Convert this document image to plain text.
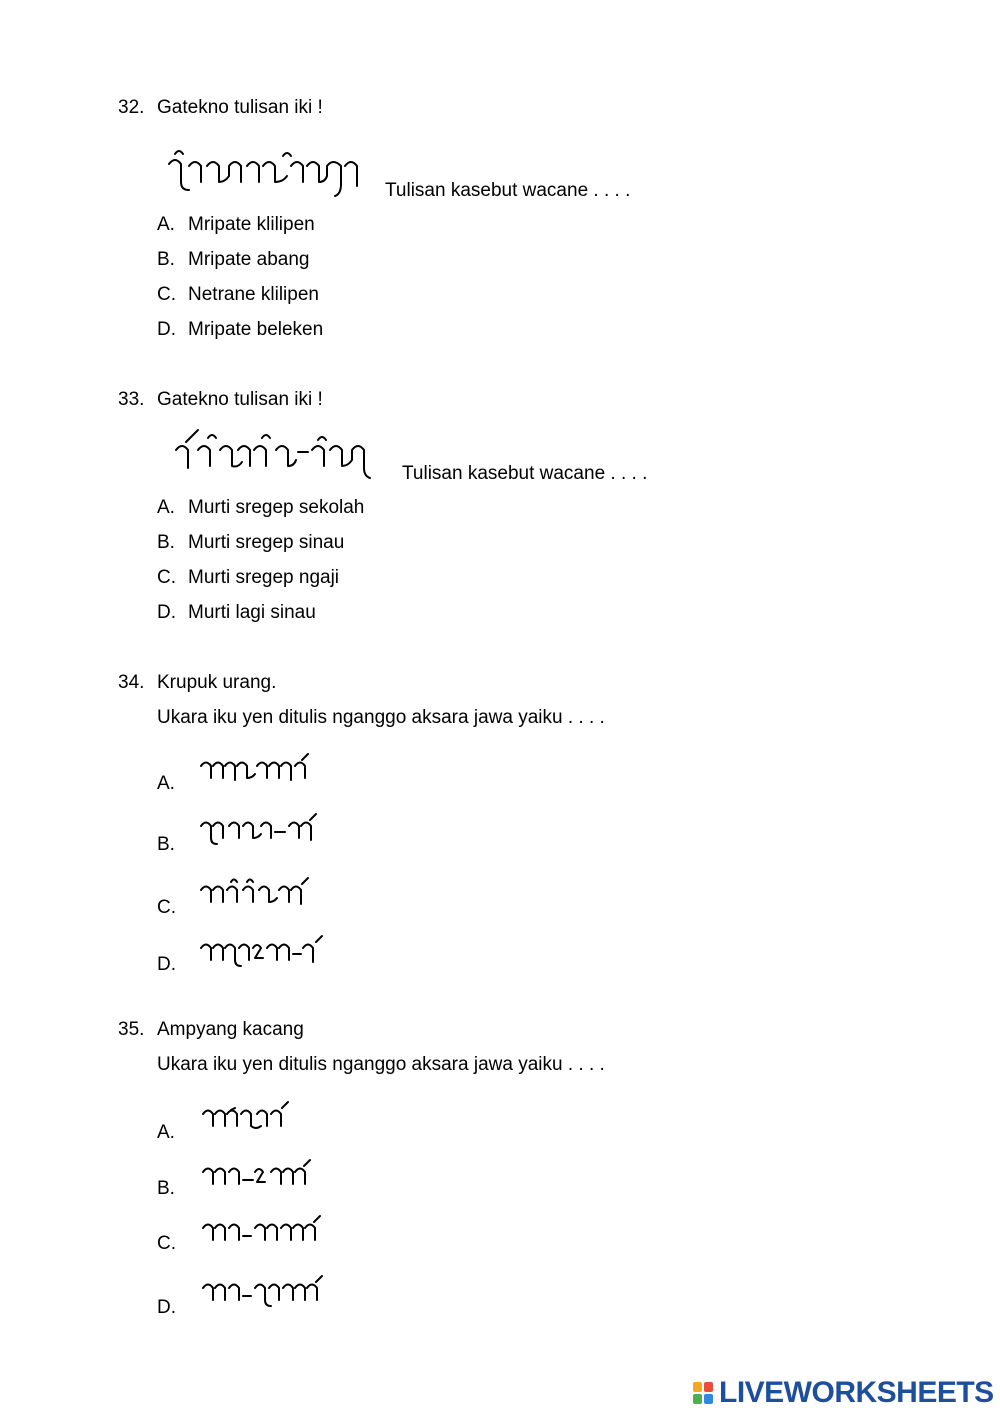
32. Gatekno tulisan iki !
Tulisan kasebut wacane . . . .
A. Mripate klilipen
B. Mripate abang
C. Netrane klilipen
D. Mripate beleken
33. Gatekno tulisan iki !
Tulisan kasebut wacane . . . .
A. Murti sregep sekolah
B. Murti sregep sinau
C. Murti sregep ngaji
D. Murti lagi sinau
34. Krupuk urang.
Ukara iku yen ditulis nganggo aksara jawa yaiku . . . .
A.
B.
C.
D.
35. Ampyang kacang
Ukara iku yen ditulis nganggo aksara jawa yaiku . . . .
A.
B.
C.
D.
LIVEWORKSHEETS
